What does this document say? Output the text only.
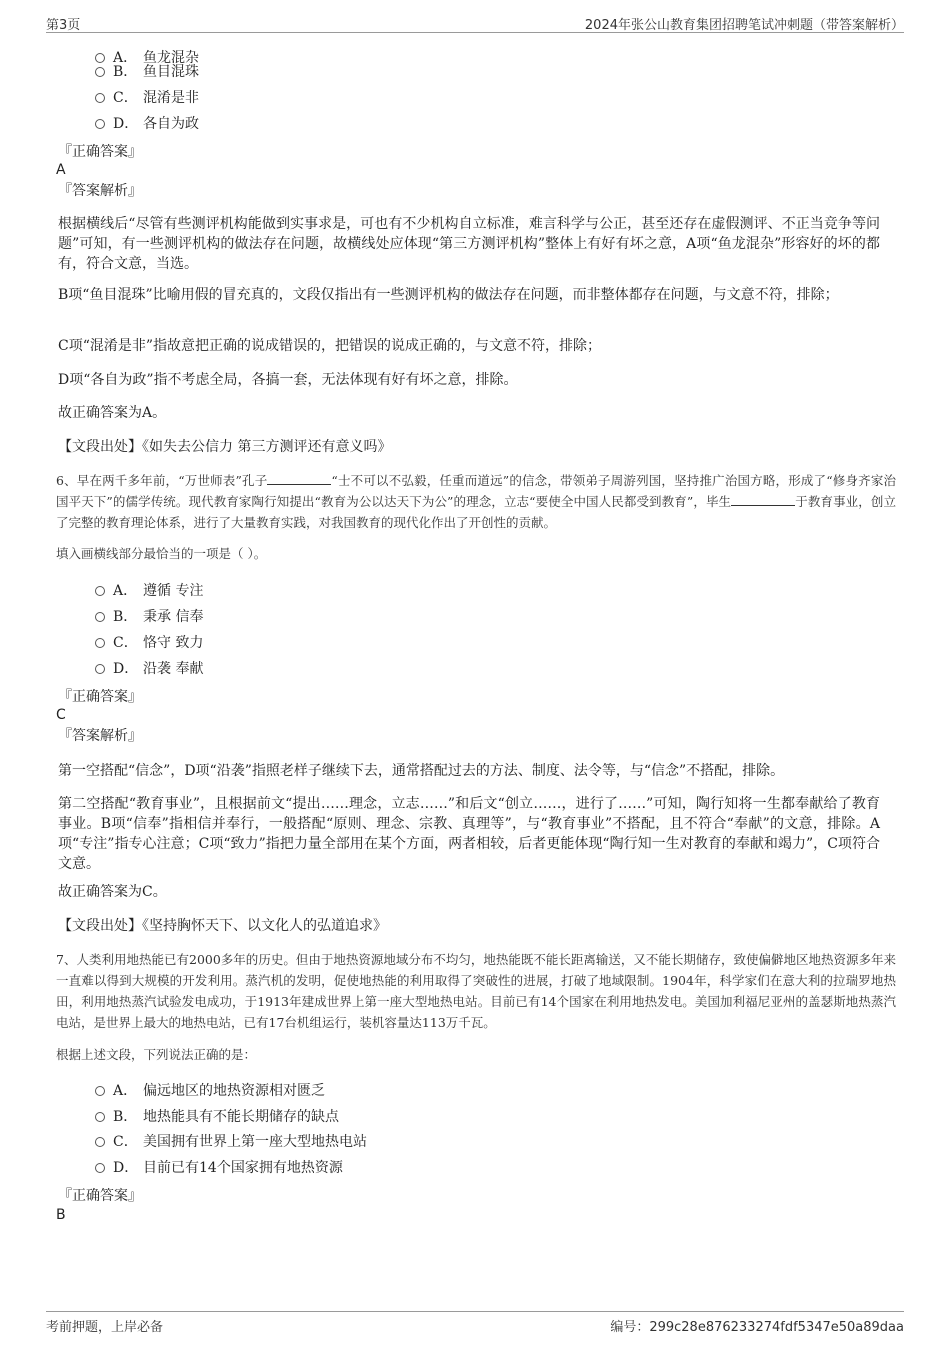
第3页	2024年张公山教育集团招聘笔试冲刺题（带答案解析）
A． 鱼龙混杂
B． 鱼目混珠
C． 混淆是非
D． 各自为政
『正确答案』
A
『答案解析』
根据横线后“尽管有些测评机构能做到实事求是，可也有不少机构自立标准，难言科学与公正，甚至还存在虚假测评、不正当竞争等问题”可知，有一些测评机构的做法存在问题，故横线处应体现“第三方测评机构”整体上有好有坏之意，A项“鱼龙混杂”形容好的坏的都有，符合文意，当选。
B项“鱼目混珠”比喻用假的冒充真的，文段仅指出有一些测评机构的做法存在问题，而非整体都存在问题，与文意不符，排除；
C项“混淆是非”指故意把正确的说成错误的，把错误的说成正确的，与文意不符，排除；
D项“各自为政”指不考虑全局，各搞一套，无法体现有好有坏之意，排除。
故正确答案为A。
【文段出处】《如失去公信力 第三方测评还有意义吗》
6、早在两千多年前，“万世师表”孔子	“士不可以不弘毅，任重而道远”的信念，带领弟子周游列国，坚持推广治国方略，形成了“修身齐家治国平天下”的儒学传统。现代教育家陶行知提出“教育为公以达天下为公”的理念，立志“要使全中国人民都受到教育”，毕生	于教育事业，创立了完整的教育理论体系，进行了大量教育实践，对我国教育的现代化作出了开创性的贡献。
填入画横线部分最恰当的一项是（ ）。
A． 遵循 专注
B． 秉承 信奉
C． 恪守 致力
D． 沿袭 奉献
『正确答案』
C
『答案解析』
第一空搭配“信念”，D项“沿袭”指照老样子继续下去，通常搭配过去的方法、制度、法令等，与“信念”不搭配，排除。
第二空搭配“教育事业”，且根据前文“提出……理念，立志……”和后文“创立……，进行了……”可知，陶行知将一生都奉献给了教育事业。B项“信奉”指相信并奉行，一般搭配“原则、理念、宗教、真理等”，与“教育事业”不搭配，且不符合“奉献”的文意，排除。A项“专注”指专心注意；C项“致力”指把力量全部用在某个方面，两者相较，后者更能体现“陶行知一生对教育的奉献和竭力”，C项符合文意。
故正确答案为C。
【文段出处】《坚持胸怀天下、以文化人的弘道追求》
7、人类利用地热能已有2000多年的历史。但由于地热资源地域分布不均匀，地热能既不能长距离输送，又不能长期储存，致使偏僻地区地热资源多年来一直难以得到大规模的开发利用。蒸汽机的发明，促使地热能的利用取得了突破性的进展，打破了地域限制。1904年，科学家们在意大利的拉瑞罗地热田，利用地热蒸汽试验发电成功，于1913年建成世界上第一座大型地热电站。目前已有14个国家在利用地热发电。美国加利福尼亚州的盖瑟斯地热蒸汽电站，是世界上最大的地热电站，已有17台机组运行，装机容量达113万千瓦。
根据上述文段，下列说法正确的是：
A． 偏远地区的地热资源相对匮乏
B． 地热能具有不能长期储存的缺点
C． 美国拥有世界上第一座大型地热电站
D． 目前已有14个国家拥有地热资源
『正确答案』
B
考前押题，上岸必备	编号：299c28e876233274fdf5347e50a89daa
